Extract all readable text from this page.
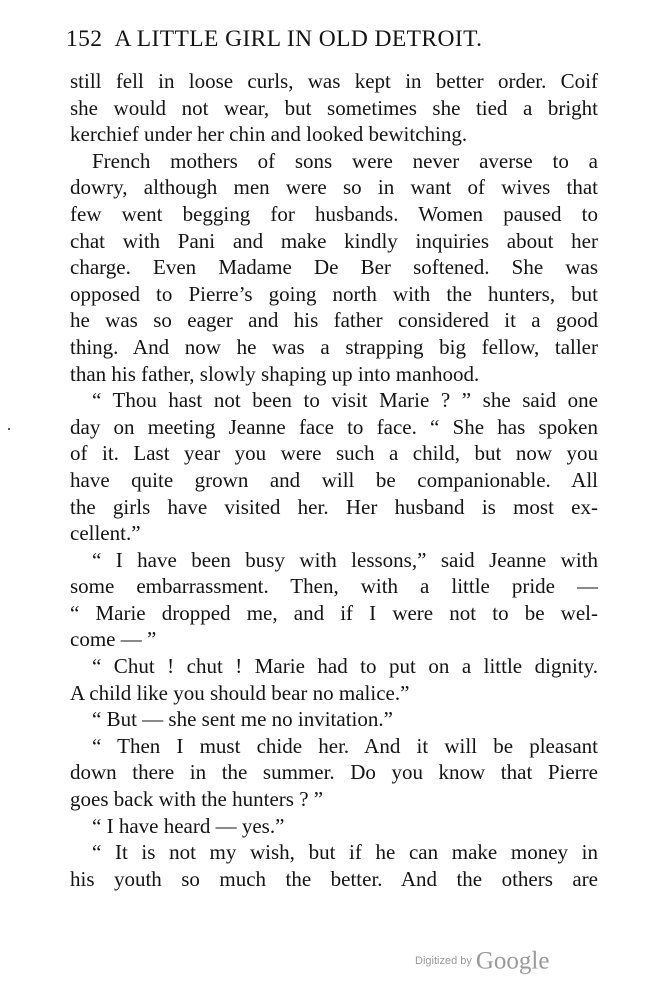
152 A LITTLE GIRL IN OLD DETROIT.
still fell in loose curls, was kept in better order. Coif
she would not wear, but sometimes she tied a bright
kerchief under her chin and looked bewitching.
French mothers of sons were never averse to a
dowry, although men were so in want of wives that
few went begging for husbands. Women paused to
chat with Pani and make kindly inquiries about her
charge. Even Madame De Ber softened. She was
opposed to Pierre’s going north with the hunters, but
he was so eager and his father considered it a good
thing. And now he was a strapping big fellow, taller
than his father, slowly shaping up into manhood.
“ Thou hast not been to visit Marie ? ” she said one
day on meeting Jeanne face to face. “ She has spoken
of it. Last year you were such a child, but now you
have quite grown and will be companionable. All
the girls have visited her. Her husband is most ex-
cellent.”
“ I have been busy with lessons,” said Jeanne with
some embarrassment. Then, with a little pride —
“ Marie dropped me, and if I were not to be wel-
come — ”
“ Chut ! chut ! Marie had to put on a little dignity.
A child like you should bear no malice.”
“ But — she sent me no invitation.”
“ Then I must chide her. And it will be pleasant
down there in the summer. Do you know that Pierre
goes back with the hunters ? ”
“ I have heard — yes.”
“ It is not my wish, but if he can make money in
his youth so much the better. And the others are
Digitized by Google
